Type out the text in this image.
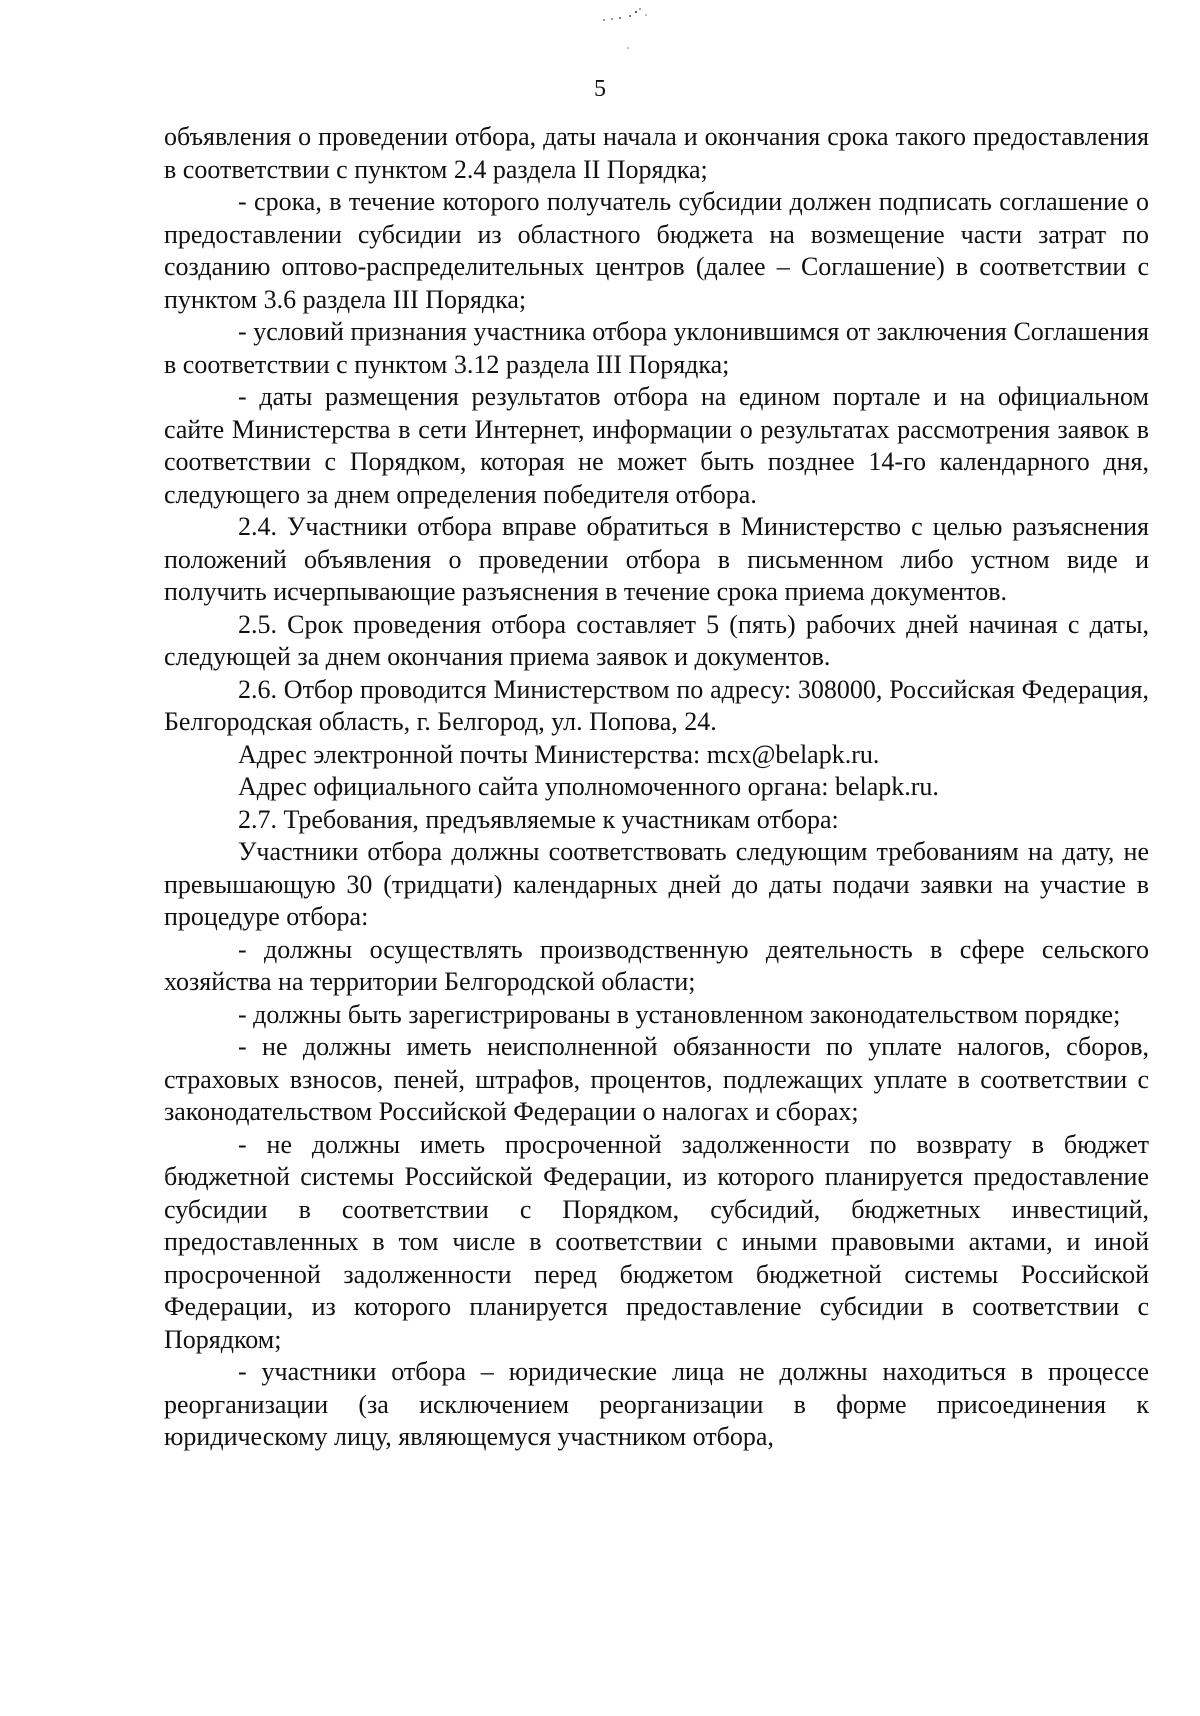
5

объявления о проведении отбора, даты начала и окончания срока такого предоставления в соответствии с пунктом 2.4 раздела II Порядка;

- срока, в течение которого получатель субсидии должен подписать соглашение о предоставлении субсидии из областного бюджета на возмещение части затрат по созданию оптово-распределительных центров (далее – Соглашение) в соответствии с пунктом 3.6 раздела III Порядка;

- условий признания участника отбора уклонившимся от заключения Соглашения в соответствии с пунктом 3.12 раздела III Порядка;

- даты размещения результатов отбора на едином портале и на официальном сайте Министерства в сети Интернет, информации о результатах рассмотрения заявок в соответствии с Порядком, которая не может быть позднее 14-го календарного дня, следующего за днем определения победителя отбора.

2.4. Участники отбора вправе обратиться в Министерство с целью разъяснения положений объявления о проведении отбора в письменном либо устном виде и получить исчерпывающие разъяснения в течение срока приема документов.

2.5. Срок проведения отбора составляет 5 (пять) рабочих дней начиная с даты, следующей за днем окончания приема заявок и документов.

2.6. Отбор проводится Министерством по адресу: 308000, Российская Федерация, Белгородская область, г. Белгород, ул. Попова, 24.

Адрес электронной почты Министерства: mcx@belapk.ru.

Адрес официального сайта уполномоченного органа: belapk.ru.

2.7. Требования, предъявляемые к участникам отбора:

Участники отбора должны соответствовать следующим требованиям на дату, не превышающую 30 (тридцати) календарных дней до даты подачи заявки на участие в процедуре отбора:

- должны осуществлять производственную деятельность в сфере сельского хозяйства на территории Белгородской области;

- должны быть зарегистрированы в установленном законодательством порядке;

- не должны иметь неисполненной обязанности по уплате налогов, сборов, страховых взносов, пеней, штрафов, процентов, подлежащих уплате в соответствии с законодательством Российской Федерации о налогах и сборах;

- не должны иметь просроченной задолженности по возврату в бюджет бюджетной системы Российской Федерации, из которого планируется предоставление субсидии в соответствии с Порядком, субсидий, бюджетных инвестиций, предоставленных в том числе в соответствии с иными правовыми актами, и иной просроченной задолженности перед бюджетом бюджетной системы Российской Федерации, из которого планируется предоставление субсидии в соответствии с Порядком;

- участники отбора – юридические лица не должны находиться в процессе реорганизации (за исключением реорганизации в форме присоединения к юридическому лицу, являющемуся участником отбора,
